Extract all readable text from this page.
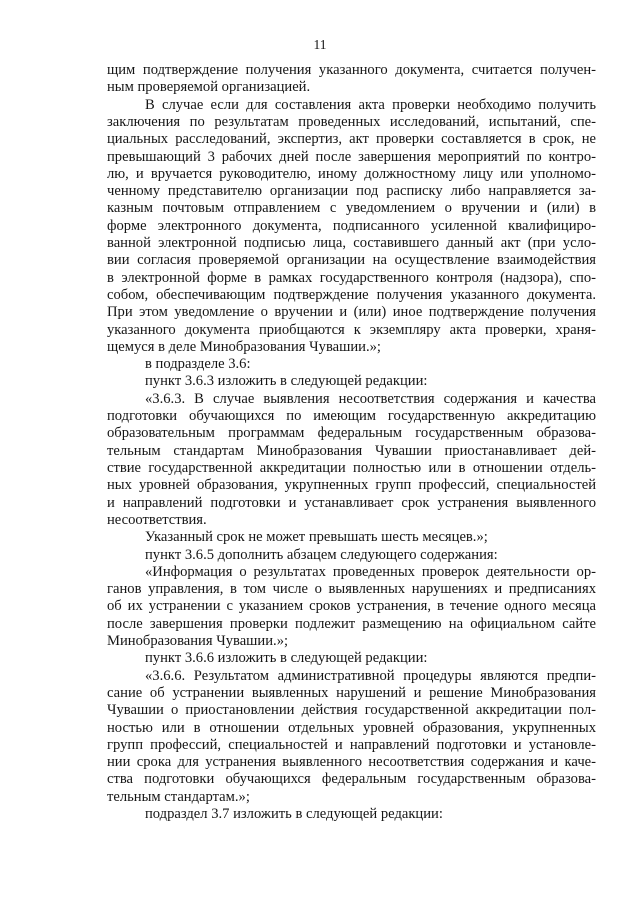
11
щим подтверждение получения указанного документа, считается получен-
ным проверяемой организацией.
В случае если для составления акта проверки необходимо получить
заключения по результатам проведенных исследований, испытаний, спе-
циальных расследований, экспертиз, акт проверки составляется в срок, не
превышающий 3 рабочих дней после завершения мероприятий по контро-
лю, и вручается руководителю, иному должностному лицу или уполномо-
ченному представителю организации под расписку либо направляется за-
казным почтовым отправлением с уведомлением о вручении и (или) в
форме электронного документа, подписанного усиленной квалифициро-
ванной электронной подписью лица, составившего данный акт (при усло-
вии согласия проверяемой организации на осуществление взаимодействия
в электронной форме в рамках государственного контроля (надзора), спо-
собом, обеспечивающим подтверждение получения указанного документа.
При этом уведомление о вручении и (или) иное подтверждение получения
указанного документа приобщаются к экземпляру акта проверки, храня-
щемуся в деле Минобразования Чувашии.»;
в подразделе 3.6:
пункт 3.6.3 изложить в следующей редакции:
«3.6.3. В случае выявления несоответствия содержания и качества
подготовки обучающихся по имеющим государственную аккредитацию
образовательным программам федеральным государственным образова-
тельным стандартам Минобразования Чувашии приостанавливает дей-
ствие государственной аккредитации полностью или в отношении отдель-
ных уровней образования, укрупненных групп профессий, специальностей
и направлений подготовки и устанавливает срок устранения выявленного
несоответствия.
Указанный срок не может превышать шесть месяцев.»;
пункт 3.6.5 дополнить абзацем следующего содержания:
«Информация о результатах проведенных проверок деятельности ор-
ганов управления, в том числе о выявленных нарушениях и предписаниях
об их устранении с указанием сроков устранения, в течение одного месяца
после завершения проверки подлежит размещению на официальном сайте
Минобразования Чувашии.»;
пункт 3.6.6 изложить в следующей редакции:
«3.6.6. Результатом административной процедуры являются предпи-
сание об устранении выявленных нарушений и решение Минобразования
Чувашии о приостановлении действия государственной аккредитации пол-
ностью или в отношении отдельных уровней образования, укрупненных
групп профессий, специальностей и направлений подготовки и установле-
нии срока для устранения выявленного несоответствия содержания и каче-
ства подготовки обучающихся федеральным государственным образова-
тельным стандартам.»;
подраздел 3.7 изложить в следующей редакции:
